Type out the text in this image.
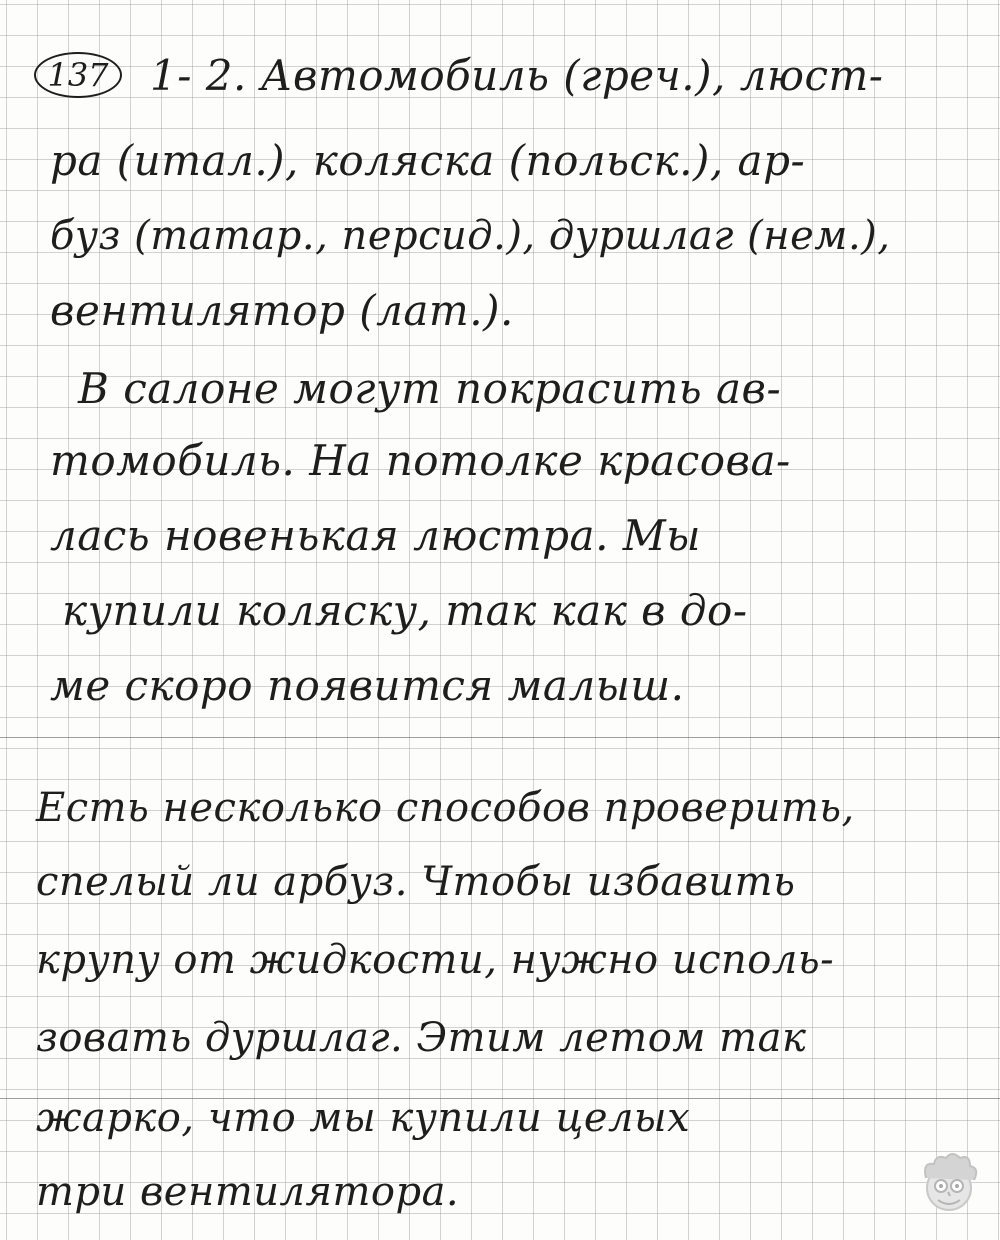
137 1- 2. Автомобиль (греч.), люст-

ра (итал.), коляска (польск.), ар-

буз (татар., персид.), дуршлаг (нем.),

вентилятор (лат.).

В салоне могут покрасить ав-

томобиль. На потолке красова-

лась новенькая люстра. Мы

купили коляску, так как в до-

ме скоро появится малыш.

Есть несколько способов проверить,

спелый ли арбуз. Чтобы избавить

крупу от жидкости, нужно исполь-

зовать дуршлаг. Этим летом так

жарко, что мы купили целых

три вентилятора.
